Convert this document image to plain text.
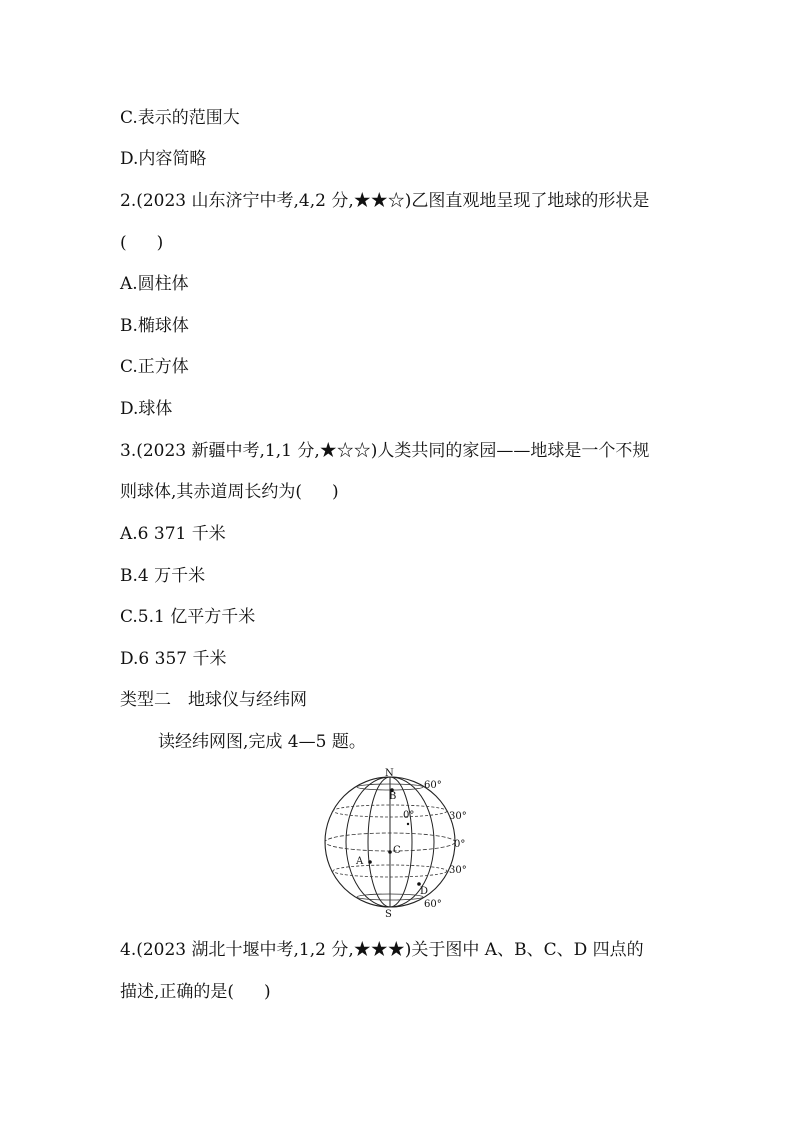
C.表示的范围大
D.内容简略
2.(2023 山东济宁中考,4,2 分,★★☆)乙图直观地呈现了地球的形状是
( )
A.圆柱体
B.椭球体
C.正方体
D.球体
3.(2023 新疆中考,1,1 分,★☆☆)人类共同的家园——地球是一个不规
则球体,其赤道周长约为( )
A.6 371 千米
B.4 万千米
C.5.1 亿平方千米
D.6 357 千米
类型二　地球仪与经纬网
读经纬网图,完成 4—5 题。
N
S
A
B
C
D
60°
30°
0°
30°
60°
0°
4.(2023 湖北十堰中考,1,2 分,★★★)关于图中 A、B、C、D 四点的
描述,正确的是( )
